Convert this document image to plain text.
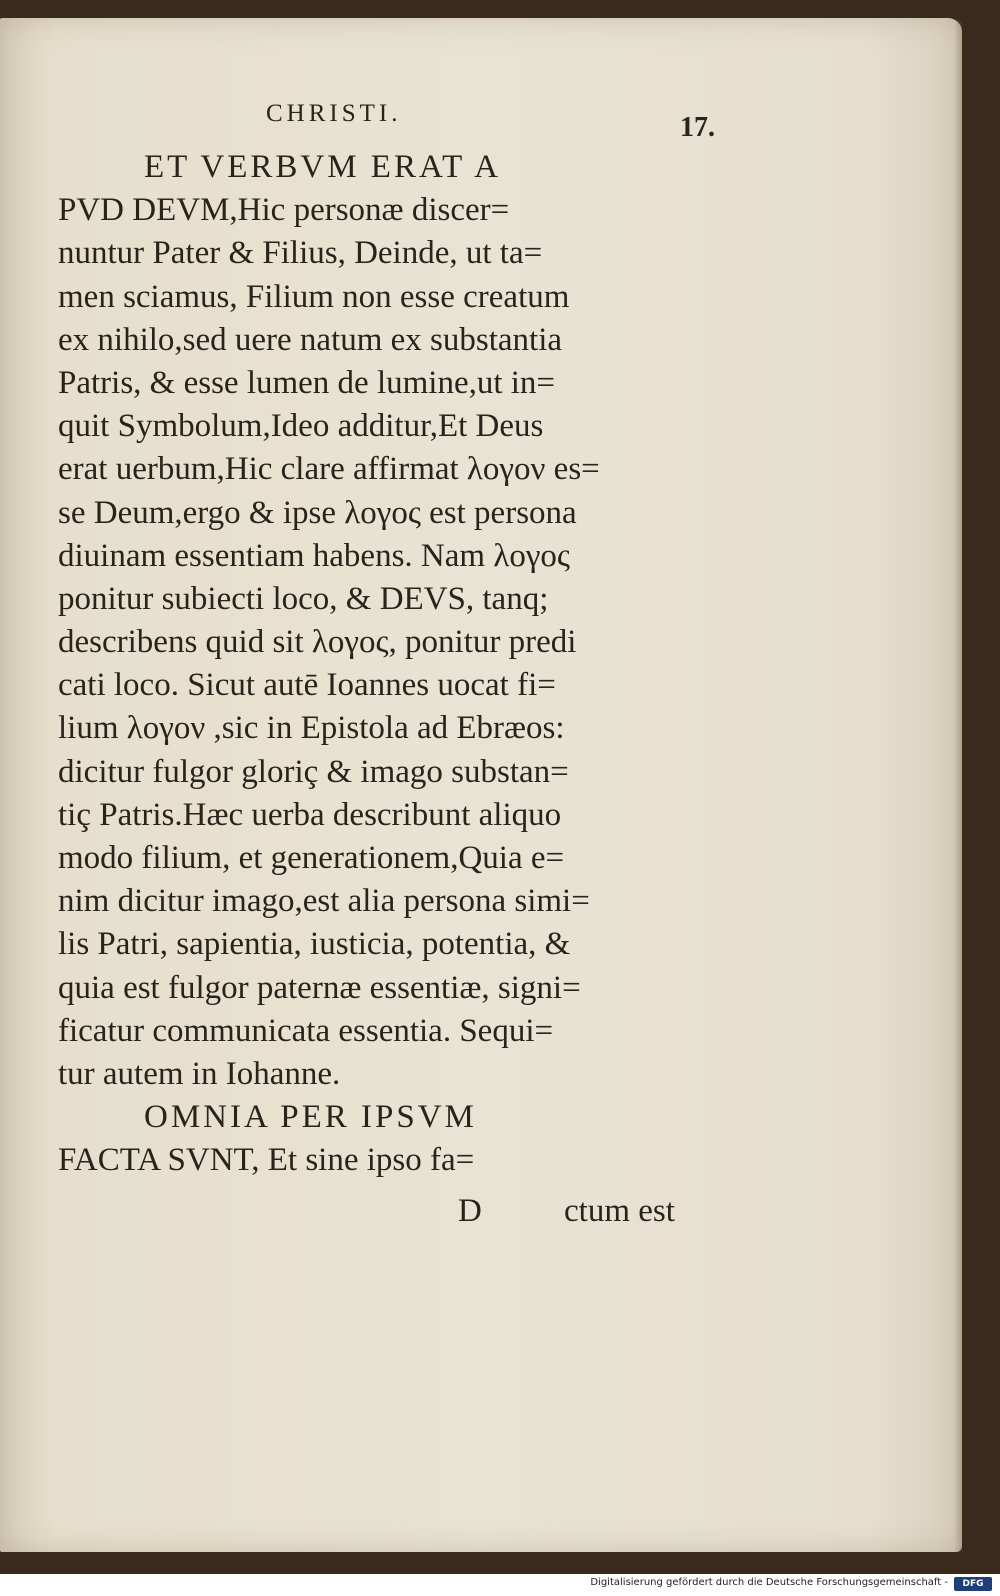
CHRISTI.	17.
ET VERBVM ERAT A
PVD DEVM,Hic personæ discer=
nuntur Pater & Filius, Deinde, ut ta=
men sciamus, Filium non esse creatum
ex nihilo,sed uere natum ex substantia
Patris, & esse lumen de lumine,ut in=
quit Symbolum,Ideo additur,Et Deus
erat uerbum,Hic clare affirmat λογον es=
se Deum,ergo & ipse λογος est persona
diuinam essentiam habens. Nam λογος
ponitur subiecti loco, & DEVS, tanq;
describens quid sit λογος, ponitur predi
cati loco. Sicut autē Ioannes uocat fi=
lium λογον ,sic in Epistola ad Ebræos:
dicitur fulgor gloriç & imago substan=
tiç Patris.Hæc uerba describunt aliquo
modo filium, et generationem,Quia e=
nim dicitur imago,est alia persona simi=
lis Patri, sapientia, iusticia, potentia, &
quia est fulgor paternæ essentiæ, signi=
ficatur communicata essentia. Sequi=
tur autem in Iohanne.
OMNIA PER IPSVM
FACTA SVNT, Et sine ipso fa=
D ctum est
Digitalisierung gefördert durch die Deutsche Forschungsgemeinschaft -	DFG
